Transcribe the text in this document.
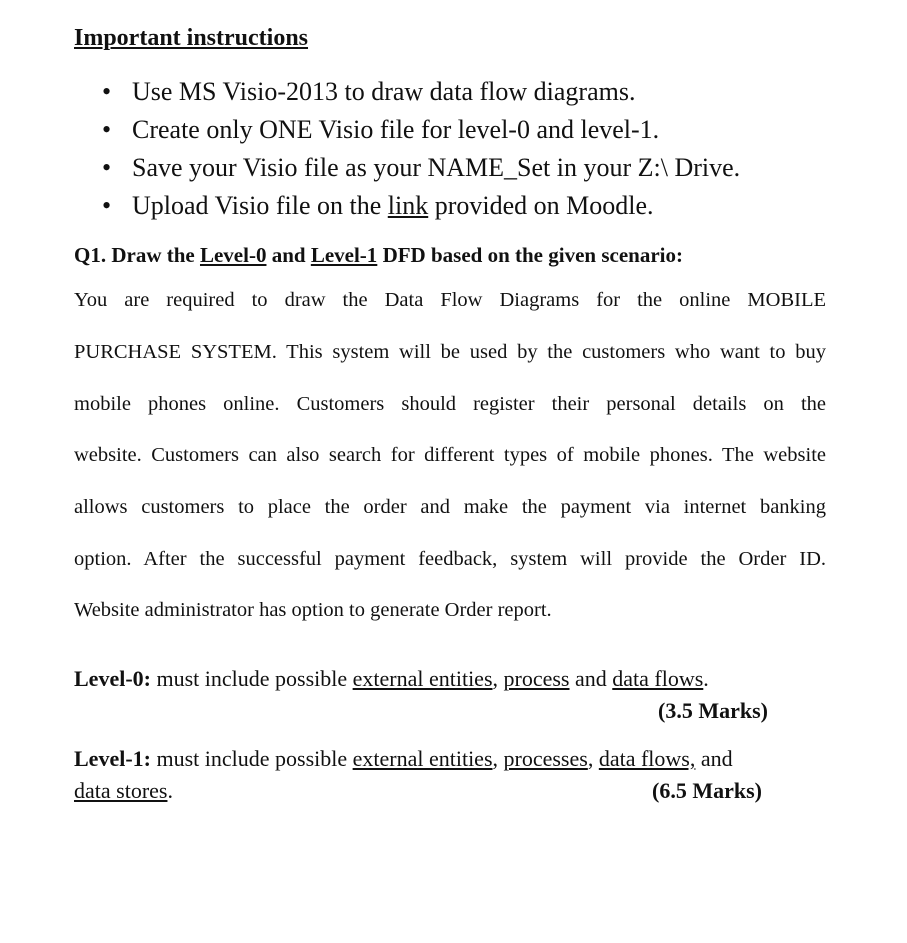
Important instructions
• Use MS Visio-2013 to draw data flow diagrams.
• Create only ONE Visio file for level-0 and level-1.
• Save your Visio file as your NAME_Set in your Z:\ Drive.
• Upload Visio file on the link provided on Moodle.
Q1. Draw the Level-0 and Level-1 DFD based on the given scenario:
You are required to draw the Data Flow Diagrams for the online MOBILE
PURCHASE SYSTEM. This system will be used by the customers who want to buy
mobile phones online. Customers should register their personal details on the
website. Customers can also search for different types of mobile phones. The website
allows customers to place the order and make the payment via internet banking
option. After the successful payment feedback, system will provide the Order ID.
Website administrator has option to generate Order report.
Level-0: must include possible external entities, process and data flows.
(3.5 Marks)
Level-1: must include possible external entities, processes, data flows, and
data stores.	(6.5 Marks)
